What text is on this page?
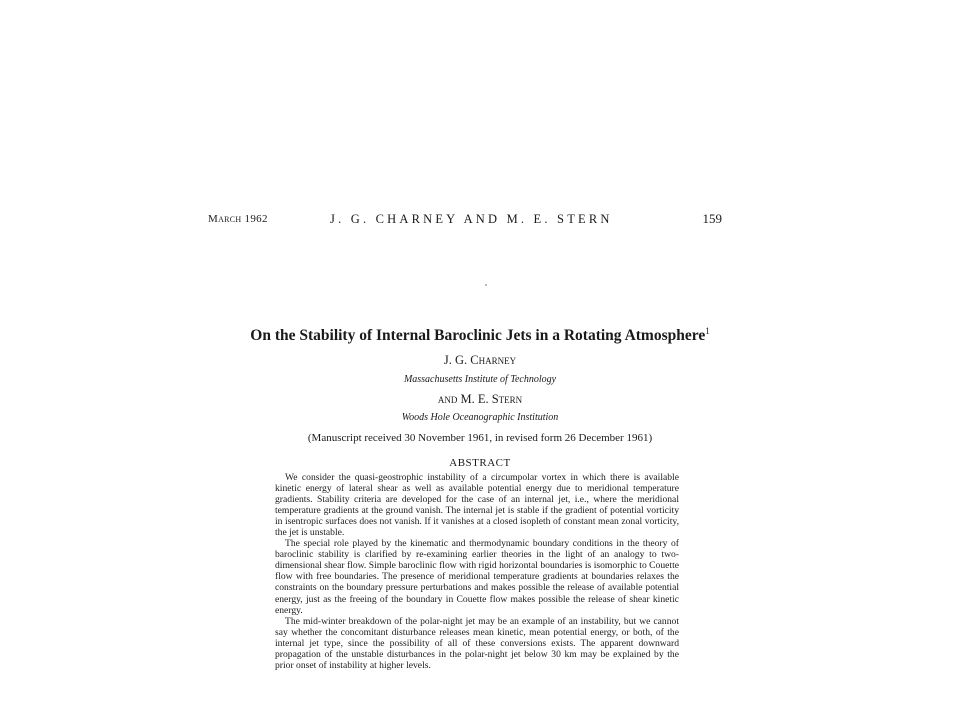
March 1962	J. G. CHARNEY AND M. E. STERN	159
On the Stability of Internal Baroclinic Jets in a Rotating Atmosphere$^1$
J. G. Charney
Massachusetts Institute of Technology
and M. E. Stern
Woods Hole Oceanographic Institution
(Manuscript received 30 November 1961, in revised form 26 December 1961)
ABSTRACT

We consider the quasi-geostrophic instability of a circumpolar vortex in which there is available kinetic energy of lateral shear as well as available potential energy due to meridional temperature gradients. Stability criteria are developed for the case of an internal jet, i.e., where the meridional temperature gradients at the ground vanish. The internal jet is stable if the gradient of potential vorticity in isentropic surfaces does not vanish. If it vanishes at a closed isopleth of constant mean zonal vorticity, the jet is unstable.

The special role played by the kinematic and thermodynamic boundary conditions in the theory of baroclinic stability is clarified by re-examining earlier theories in the light of an analogy to two-dimensional shear flow. Simple baroclinic flow with rigid horizontal boundaries is isomorphic to Couette flow with free boundaries. The presence of meridional temperature gradients at boundaries relaxes the constraints on the boundary pressure perturbations and makes possible the release of available potential energy, just as the freeing of the boundary in Couette flow makes possible the release of shear kinetic energy.

The mid-winter breakdown of the polar-night jet may be an example of an instability, but we cannot say whether the concomitant disturbance releases mean kinetic, mean potential energy, or both, of the internal jet type, since the possibility of all of these conversions exists. The apparent downward propagation of the unstable disturbances in the polar-night jet below 30 km may be explained by the prior onset of instability at higher levels.
